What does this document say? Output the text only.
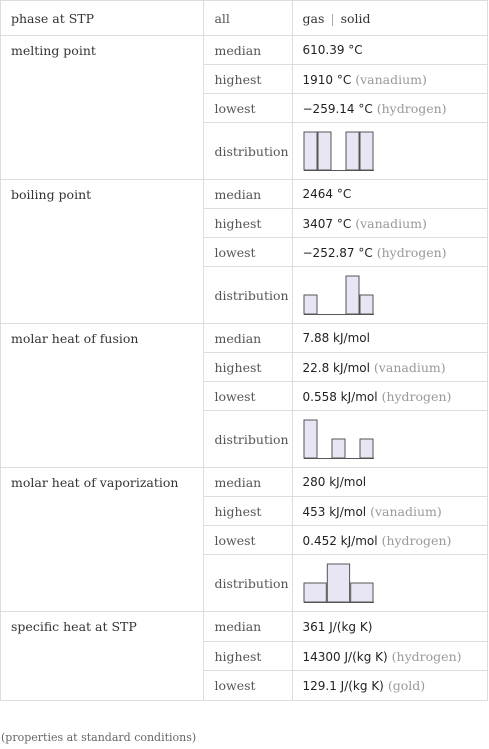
phase at STP	all	gas | solid
melting point	median	610.39 °C
	highest	1910 °C (vanadium)
	lowest	−259.14 °C (hydrogen)
	distribution	

boiling point	median	2464 °C
	highest	3407 °C (vanadium)
	lowest	−252.87 °C (hydrogen)
	distribution	

molar heat of fusion	median	7.88 kJ/mol
	highest	22.8 kJ/mol (vanadium)
	lowest	0.558 kJ/mol (hydrogen)
	distribution	

molar heat of vaporization	median	280 kJ/mol
	highest	453 kJ/mol (vanadium)
	lowest	0.452 kJ/mol (hydrogen)
	distribution	

specific heat at STP	median	361 J/(kg K)
	highest	14300 J/(kg K) (hydrogen)
	lowest	129.1 J/(kg K) (gold)
(properties at standard conditions)
